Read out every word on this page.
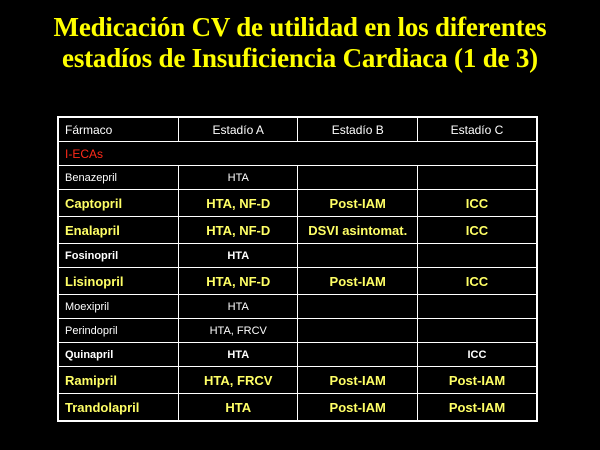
Medicación CV de utilidad en los diferentes
estadíos de Insuficiencia Cardiaca (1 de 3)
Fármaco	Estadío A	Estadío B	Estadío C
I-ECAs			
Benazepril	HTA		
Captopril	HTA, NF-D	Post-IAM	ICC
Enalapril	HTA, NF-D	DSVI asintomat.	ICC
Fosinopril	HTA		
Lisinopril	HTA, NF-D	Post-IAM	ICC
Moexipril	HTA		
Perindopril	HTA, FRCV		
Quinapril	HTA		ICC
Ramipril	HTA, FRCV	Post-IAM	Post-IAM
Trandolapril	HTA	Post-IAM	Post-IAM
